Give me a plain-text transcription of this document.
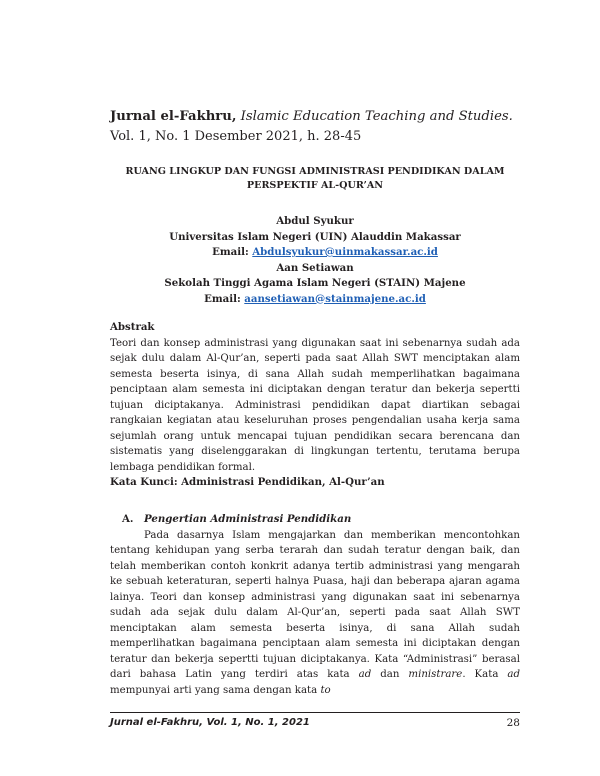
Jurnal el-Fakhru, Islamic Education Teaching and Studies.
Vol. 1, No. 1 Desember 2021, h. 28-45
RUANG LINGKUP DAN FUNGSI ADMINISTRASI PENDIDIKAN DALAM
PERSPEKTIF AL-QUR’AN
Abdul Syukur
Universitas Islam Negeri (UIN) Alauddin Makassar
Email: Abdulsyukur@uinmakassar.ac.id
Aan Setiawan
Sekolah Tinggi Agama Islam Negeri (STAIN) Majene
Email: aansetiawan@stainmajene.ac.id
Abstrak
Teori dan konsep administrasi yang digunakan saat ini sebenarnya sudah ada sejak dulu dalam Al-Qur’an, seperti pada saat Allah SWT menciptakan alam semesta beserta isinya, di sana Allah sudah memperlihatkan bagaimana penciptaan alam semesta ini diciptakan dengan teratur dan bekerja sepertti tujuan diciptakanya. Administrasi pendidikan dapat diartikan sebagai rangkaian kegiatan atau keseluruhan proses pengendalian usaha kerja sama sejumlah orang untuk mencapai tujuan pendidikan secara berencana dan sistematis yang diselenggarakan di lingkungan tertentu, terutama berupa lembaga pendidikan formal.
Kata Kunci: Administrasi Pendidikan, Al-Qur’an
A. Pengertian Administrasi Pendidikan

Pada dasarnya Islam mengajarkan dan memberikan mencontohkan tentang kehidupan yang serba terarah dan sudah teratur dengan baik, dan telah memberikan contoh konkrit adanya tertib administrasi yang mengarah ke sebuah keteraturan, seperti halnya Puasa, haji dan beberapa ajaran agama lainya. Teori dan konsep administrasi yang digunakan saat ini sebenarnya sudah ada sejak dulu dalam Al-Qur’an, seperti pada saat Allah SWT menciptakan alam semesta beserta isinya, di sana Allah sudah memperlihatkan bagaimana penciptaan alam semesta ini diciptakan dengan teratur dan bekerja sepertti tujuan diciptakanya. Kata “Administrasi” berasal dari bahasa Latin yang terdiri atas kata ad dan ministrare. Kata ad mempunyai arti yang sama dengan kata to

Jurnal el-Fakhru, Vol. 1, No. 1, 2021	28
